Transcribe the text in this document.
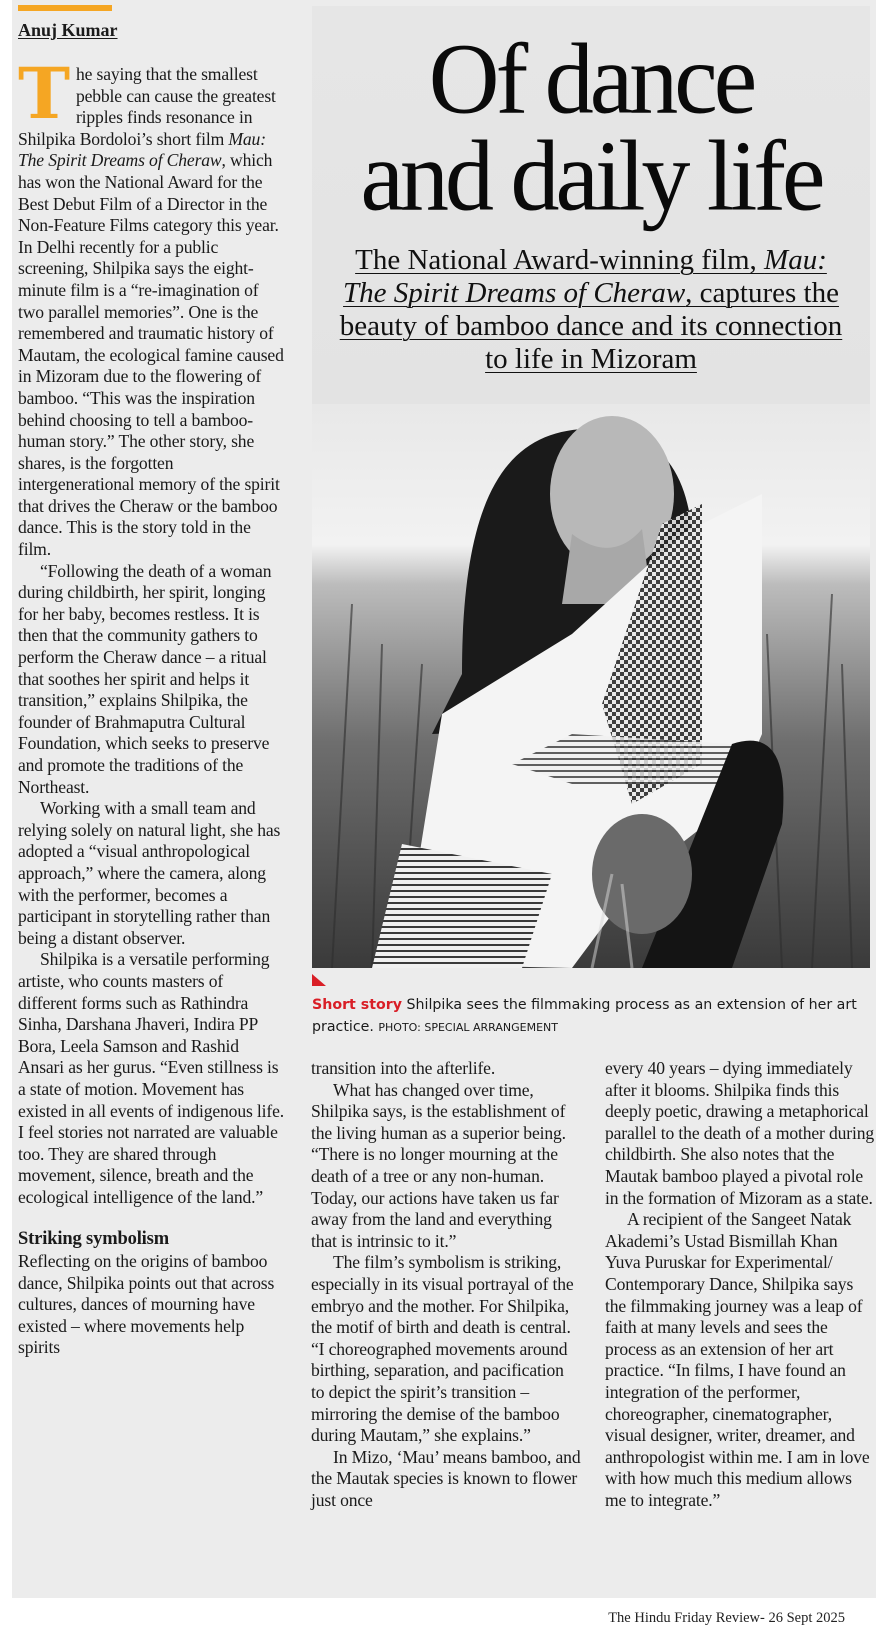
Anuj Kumar

The saying that the smallest pebble can cause the greatest ripples finds resonance in Shilpika Bordoloi’s short film Mau: The Spirit Dreams of Cheraw, which has won the National Award for the Best Debut Film of a Director in the Non-Feature Films category this year. In Delhi recently for a public screening, Shilpika says the eight-minute film is a “re-imagination of two parallel memories”. One is the remembered and traumatic history of Mautam, the ecological famine caused in Mizoram due to the flowering of bamboo. “This was the inspiration behind choosing to tell a bamboo-human story.” The other story, she shares, is the forgotten intergenerational memory of the spirit that drives the Cheraw or the bamboo dance. This is the story told in the film.

“Following the death of a woman during childbirth, her spirit, longing for her baby, becomes restless. It is then that the community gathers to perform the Cheraw dance – a ritual that soothes her spirit and helps it transition,” explains Shilpika, the founder of Brahmaputra Cultural Foundation, which seeks to preserve and promote the traditions of the Northeast.

Working with a small team and relying solely on natural light, she has adopted a “visual anthropological approach,” where the camera, along with the performer, becomes a participant in storytelling rather than being a distant observer.

Shilpika is a versatile performing artiste, who counts masters of different forms such as Rathindra Sinha, Darshana Jhaveri, Indira PP Bora, Leela Samson and Rashid Ansari as her gurus. “Even stillness is a state of motion. Movement has existed in all events of indigenous life. I feel stories not narrated are valuable too. They are shared through movement, silence, breath and the ecological intelligence of the land.”

Striking symbolism

Reflecting on the origins of bamboo dance, Shilpika points out that across cultures, dances of mourning have existed – where movements help spirits

Of dance
and daily life
The National Award-winning film, Mau: The Spirit Dreams of Cheraw, captures the beauty of bamboo dance and its connection to life in Mizoram
Short story Shilpika sees the filmmaking process as an extension of her art practice. PHOTO: SPECIAL ARRANGEMENT

transition into the afterlife.

What has changed over time, Shilpika says, is the establishment of the living human as a superior being. “There is no longer mourning at the death of a tree or any non-human. Today, our actions have taken us far away from the land and everything that is intrinsic to it.”

The film’s symbolism is striking, especially in its visual portrayal of the embryo and the mother. For Shilpika, the motif of birth and death is central. “I choreographed movements around birthing, separation, and pacification to depict the spirit’s transition – mirroring the demise of the bamboo during Mautam,” she explains.”

In Mizo, ‘Mau’ means bamboo, and the Mautak species is known to flower just once

every 40 years – dying immediately after it blooms. Shilpika finds this deeply poetic, drawing a metaphorical parallel to the death of a mother during childbirth. She also notes that the Mautak bamboo played a pivotal role in the formation of Mizoram as a state.

A recipient of the Sangeet Natak Akademi’s Ustad Bismillah Khan Yuva Puruskar for Experimental/ Contemporary Dance, Shilpika says the filmmaking journey was a leap of faith at many levels and sees the process as an extension of her art practice. “In films, I have found an integration of the performer, choreographer, cinematographer, visual designer, writer, dreamer, and anthropologist within me. I am in love with how much this medium allows me to integrate.”

The Hindu Friday Review- 26 Sept 2025
